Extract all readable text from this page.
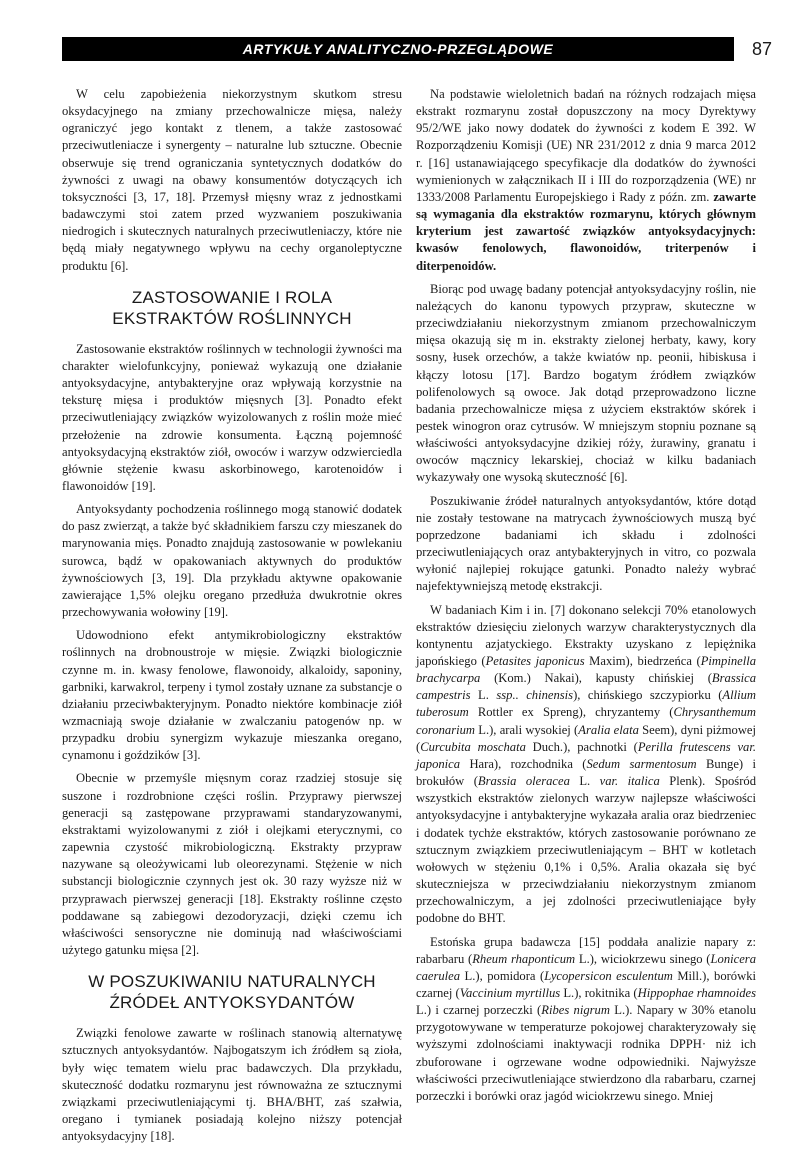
ARTYKUŁY ANALITYCZNO-PRZEGLĄDOWE	87

W celu zapobieżenia niekorzystnym skutkom stresu oksydacyjnego na zmiany przechowalnicze mięsa, należy ograniczyć jego kontakt z tlenem, a także zastosować przeciwutleniacze i synergenty – naturalne lub sztuczne. Obecnie obserwuje się trend ograniczania syntetycznych dodatków do żywności z uwagi na obawy konsumentów dotyczących ich toksyczności [3, 17, 18]. Przemysł mięsny wraz z jednostkami badawczymi stoi zatem przed wyzwaniem poszukiwania niedrogich i skutecznych naturalnych przeciwutleniaczy, które nie będą miały negatywnego wpływu na cechy organoleptyczne produktu [6].

ZASTOSOWANIE I ROLA
EKSTRAKTÓW ROŚLINNYCH

Zastosowanie ekstraktów roślinnych w technologii żywności ma charakter wielofunkcyjny, ponieważ wykazują one działanie antyoksydacyjne, antybakteryjne oraz wpływają korzystnie na teksturę mięsa i produktów mięsnych [3]. Ponadto efekt przeciwutleniający związków wyizolowanych z roślin może mieć przełożenie na zdrowie konsumenta. Łączną pojemność antyoksydacyjną ekstraktów ziół, owoców i warzyw odzwierciedla głównie stężenie kwasu askorbinowego, karotenoidów i flawonoidów [19].

Antyoksydanty pochodzenia roślinnego mogą stanowić dodatek do pasz zwierząt, a także być składnikiem farszu czy mieszanek do marynowania mięs. Ponadto znajdują zastosowanie w powlekaniu surowca, bądź w opakowaniach aktywnych do produktów żywnościowych [3, 19]. Dla przykładu aktywne opakowanie zawierające 1,5% olejku oregano przedłuża dwukrotnie okres przechowywania wołowiny [19].

Udowodniono efekt antymikrobiologiczny ekstraktów roślinnych na drobnoustroje w mięsie. Związki biologicznie czynne m. in. kwasy fenolowe, flawonoidy, alkaloidy, saponiny, garbniki, karwakrol, terpeny i tymol zostały uznane za substancje o działaniu przeciwbakteryjnym. Ponadto niektóre kombinacje ziół wzmacniają swoje działanie w zwalczaniu patogenów np. w przypadku drobiu synergizm wykazuje mieszanka oregano, cynamonu i goździków [3].

Obecnie w przemyśle mięsnym coraz rzadziej stosuje się suszone i rozdrobnione części roślin. Przyprawy pierwszej generacji są zastępowane przyprawami standaryzowanymi, ekstraktami wyizolowanymi z ziół i olejkami eterycznymi, co zapewnia czystość mikrobiologiczną. Ekstrakty przypraw nazywane są oleożywicami lub oleorezynami. Stężenie w nich substancji biologicznie czynnych jest ok. 30 razy wyższe niż w przyprawach pierwszej generacji [18]. Ekstrakty roślinne często poddawane są zabiegowi dezodoryzacji, dzięki czemu ich właściwości sensoryczne nie dominują nad właściwościami użytego gatunku mięsa [2].

W POSZUKIWANIU NATURALNYCH
ŹRÓDEŁ ANTYOKSYDANTÓW

Związki fenolowe zawarte w roślinach stanowią alternatywę sztucznych antyoksydantów. Najbogatszym ich źródłem są zioła, były więc tematem wielu prac badawczych. Dla przykładu, skuteczność dodatku rozmarynu jest równoważna ze sztucznymi związkami przeciwutleniającymi tj. BHA/BHT, zaś szałwia, oregano i tymianek posiadają kolejno niższy potencjał antyoksydacyjny [18].

Na podstawie wieloletnich badań na różnych rodzajach mięsa ekstrakt rozmarynu został dopuszczony na mocy Dyrektywy 95/2/WE jako nowy dodatek do żywności z kodem E 392. W Rozporządzeniu Komisji (UE) NR 231/2012 z dnia 9 marca 2012 r. [16] ustanawiającego specyfikacje dla dodatków do żywności wymienionych w załącznikach II i III do rozporządzenia (WE) nr 1333/2008 Parlamentu Europejskiego i Rady z późn. zm. zawarte są wymagania dla ekstraktów rozmarynu, których głównym kryterium jest zawartość związków antyoksydacyjnych: kwasów fenolowych, flawonoidów, triterpenów i diterpenoidów.

Biorąc pod uwagę badany potencjał antyoksydacyjny roślin, nie należących do kanonu typowych przypraw, skuteczne w przeciwdziałaniu niekorzystnym zmianom przechowalniczym mięsa okazują się m in. ekstrakty zielonej herbaty, kawy, kory sosny, łusek orzechów, a także kwiatów np. peonii, hibiskusa i kłączy lotosu [17]. Bardzo bogatym źródłem związków polifenolowych są owoce. Jak dotąd przeprowadzono liczne badania przechowalnicze mięsa z użyciem ekstraktów skórek i pestek winogron oraz cytrusów. W mniejszym stopniu poznane są właściwości antyoksydacyjne dzikiej róży, żurawiny, granatu i owoców mącznicy lekarskiej, chociaż w kilku badaniach wykazywały one wysoką skuteczność [6].

Poszukiwanie źródeł naturalnych antyoksydantów, które dotąd nie zostały testowane na matrycach żywnościowych muszą być poprzedzone badaniami ich składu i zdolności przeciwutleniających oraz antybakteryjnych in vitro, co pozwala wyłonić najlepiej rokujące gatunki. Ponadto należy wybrać najefektywniejszą metodę ekstrakcji.

W badaniach Kim i in. [7] dokonano selekcji 70% etanolowych ekstraktów dziesięciu zielonych warzyw charakterystycznych dla kontynentu azjatyckiego. Ekstrakty uzyskano z lepiężnika japońskiego (Petasites japonicus Maxim), biedrzeńca (Pimpinella brachycarpa (Kom.) Nakai), kapusty chińskiej (Brassica campestris L. ssp.. chinensis), chińskiego szczypiorku (Allium tuberosum Rottler ex Spreng), chryzantemy (Chrysanthemum coronarium L.), arali wysokiej (Aralia elata Seem), dyni piżmowej (Curcubita moschata Duch.), pachnotki (Perilla frutescens var. japonica Hara), rozchodnika (Sedum sarmentosum Bunge) i brokułów (Brassia oleracea L. var. italica Plenk). Spośród wszystkich ekstraktów zielonych warzyw najlepsze właściwości antyoksydacyjne i antybakteryjne wykazała aralia oraz biedrzeniec i dodatek tychże ekstraktów, których zastosowanie porównano ze sztucznym związkiem przeciwutleniającym – BHT w kotletach wołowych w stężeniu 0,1% i 0,5%. Aralia okazała się być skuteczniejsza w przeciwdziałaniu niekorzystnym zmianom przechowalniczym, a jej zdolności przeciwutleniające były podobne do BHT.

Estońska grupa badawcza [15] poddała analizie napary z: rabarbaru (Rheum rhaponticum L.), wiciokrzewu sinego (Lonicera caerulea L.), pomidora (Lycopersicon esculentum Mill.), borówki czarnej (Vaccinium myrtillus L.), rokitnika (Hippophae rhamnoides L.) i czarnej porzeczki (Ribes nigrum L.). Napary w 30% etanolu przygotowywane w temperaturze pokojowej charakteryzowały się wyższymi zdolnościami inaktywacji rodnika DPPH· niż ich zbuforowane i ogrzewane wodne odpowiedniki. Najwyższe właściwości przeciwutleniające stwierdzono dla rabarbaru, czarnej porzeczki i borówki oraz jagód wiciokrzewu sinego. Mniej
